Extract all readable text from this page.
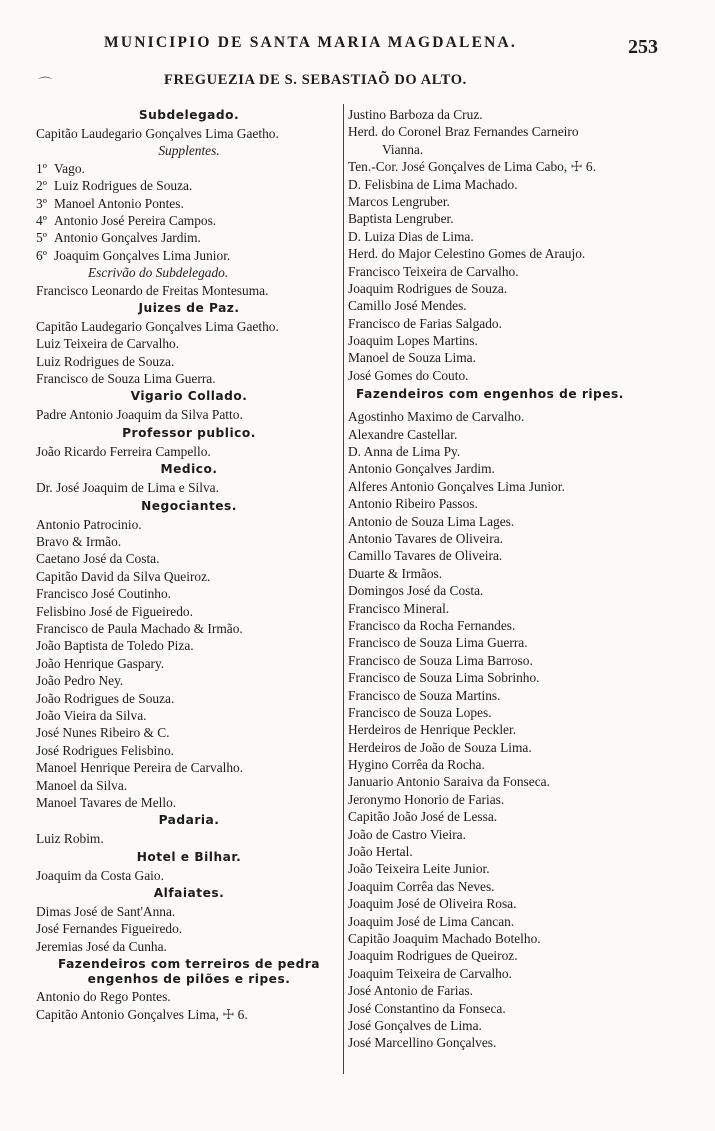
MUNICIPIO DE SANTA MARIA MAGDALENA.	253
⌒	FREGUEZIA DE S. SEBASTIAÕ DO ALTO.
Subdelegado.
Capitão Laudegario Gonçalves Lima Gaetho.
Supplentes.
1º Vago.
2º Luiz Rodrigues de Souza.
3º Manoel Antonio Pontes.
4º Antonio José Pereira Campos.
5º Antonio Gonçalves Jardim.
6º Joaquim Gonçalves Lima Junior.
Escrivão do Subdelegado.
Francisco Leonardo de Freitas Montesuma.
Juizes de Paz.
Capitão Laudegario Gonçalves Lima Gaetho.
Luiz Teixeira de Carvalho.
Luiz Rodrigues de Souza.
Francisco de Souza Lima Guerra.
Vigario Collado.
Padre Antonio Joaquim da Silva Patto.
Professor publico.
João Ricardo Ferreira Campello.
Medico.
Dr. José Joaquim de Lima e Silva.
Negociantes.
Antonio Patrocinio.
Bravo & Irmão.
Caetano José da Costa.
Capitão David da Silva Queiroz.
Francisco José Coutinho.
Felisbino José de Figueiredo.
Francisco de Paula Machado & Irmão.
João Baptista de Toledo Piza.
João Henrique Gaspary.
João Pedro Ney.
João Rodrigues de Souza.
João Vieira da Silva.
José Nunes Ribeiro & C.
José Rodrigues Felisbino.
Manoel Henrique Pereira de Carvalho.
Manoel da Silva.
Manoel Tavares de Mello.
Padaria.
Luiz Robim.
Hotel e Bilhar.
Joaquim da Costa Gaio.
Alfaiates.
Dimas José de Sant'Anna.
José Fernandes Figueiredo.
Jeremias José da Cunha.
Fazendeiros com terreiros de pedra engenhos de pilões e ripes.
Antonio do Rego Pontes.
Capitão Antonio Gonçalves Lima, ☩ 6.
Justino Barboza da Cruz.
Herd. do Coronel Braz Fernandes Carneiro
Vianna.
Ten.-Cor. José Gonçalves de Lima Cabo, ☩ 6.
D. Felisbina de Lima Machado.
Marcos Lengruber.
Baptista Lengruber.
D. Luiza Dias de Lima.
Herd. do Major Celestino Gomes de Araujo.
Francisco Teixeira de Carvalho.
Joaquim Rodrigues de Souza.
Camillo José Mendes.
Francisco de Farias Salgado.
Joaquim Lopes Martins.
Manoel de Souza Lima.
José Gomes do Couto.
Fazendeiros com engenhos de ripes.
Agostinho Maximo de Carvalho.
Alexandre Castellar.
D. Anna de Lima Py.
Antonio Gonçalves Jardim.
Alferes Antonio Gonçalves Lima Junior.
Antonio Ribeiro Passos.
Antonio de Souza Lima Lages.
Antonio Tavares de Oliveira.
Camillo Tavares de Oliveira.
Duarte & Irmãos.
Domingos José da Costa.
Francisco Mineral.
Francisco da Rocha Fernandes.
Francisco de Souza Lima Guerra.
Francisco de Souza Lima Barroso.
Francisco de Souza Lima Sobrinho.
Francisco de Souza Martins.
Francisco de Souza Lopes.
Herdeiros de Henrique Peckler.
Herdeiros de João de Souza Lima.
Hygino Corrêa da Rocha.
Januario Antonio Saraiva da Fonseca.
Jeronymo Honorio de Farias.
Capitão João José de Lessa.
João de Castro Vieira.
João Hertal.
João Teixeira Leite Junior.
Joaquim Corrêa das Neves.
Joaquim José de Oliveira Rosa.
Joaquim José de Lima Cancan.
Capitão Joaquim Machado Botelho.
Joaquim Rodrigues de Queiroz.
Joaquim Teixeira de Carvalho.
José Antonio de Farias.
José Constantino da Fonseca.
José Gonçalves de Lima.
José Marcellino Gonçalves.
